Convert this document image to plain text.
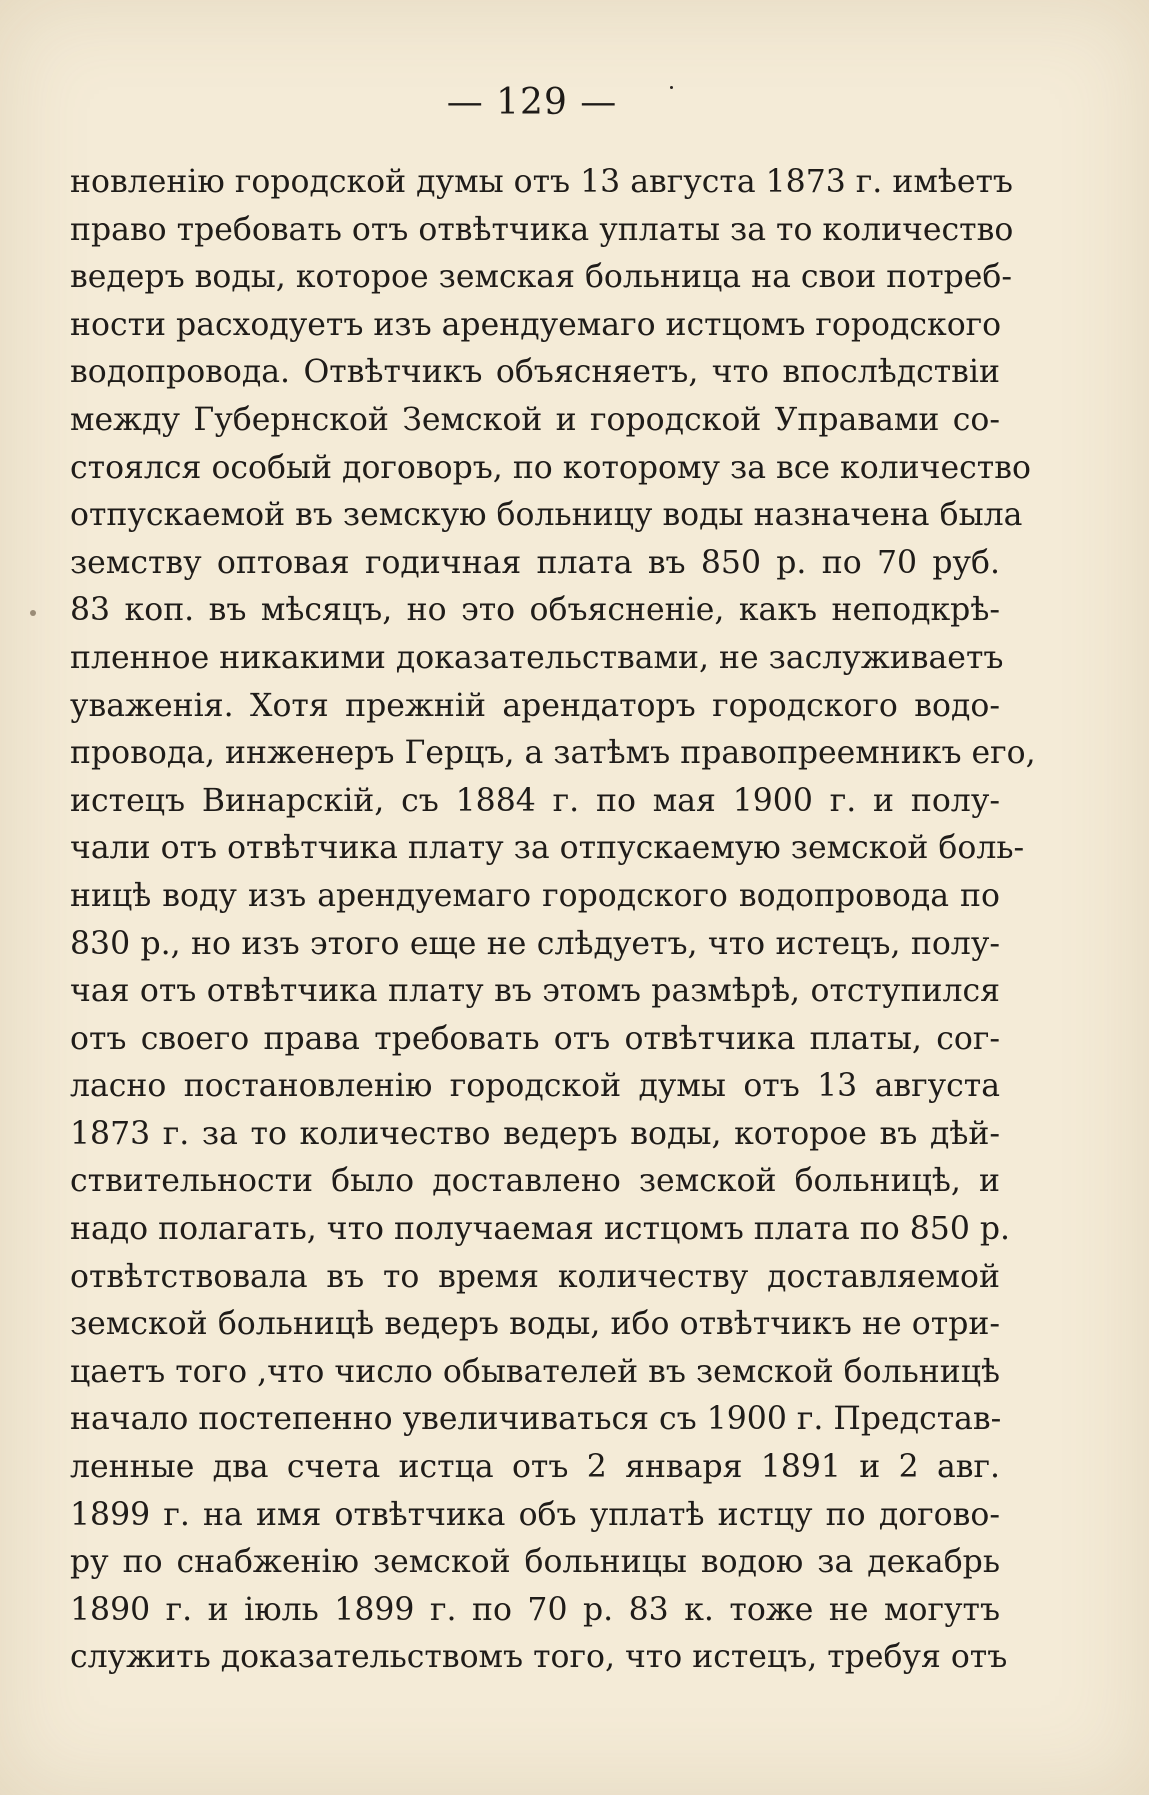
— 129 —

новленію городской думы отъ 13 августа 1873 г. имѣетъ
право требовать отъ отвѣтчика уплаты за то количество
ведеръ воды, которое земская больница на свои потреб-
ности расходуетъ изъ арендуемаго истцомъ городского
водопровода. Отвѣтчикъ объясняетъ, что впослѣдствіи
между Губернской Земской и городской Управами со-
стоялся особый договоръ, по которому за все количество
отпускаемой въ земскую больницу воды назначена была
земству оптовая годичная плата въ 850 р. по 70 руб.
83 коп. въ мѣсяцъ, но это объясненіе, какъ неподкрѣ-
пленное никакими доказательствами, не заслуживаетъ
уваженія. Хотя прежній арендаторъ городского водо-
провода, инженеръ Герцъ, а затѣмъ правопреемникъ его,
истецъ Винарскій, съ 1884 г. по мая 1900 г. и полу-
чали отъ отвѣтчика плату за отпускаемую земской боль-
ницѣ воду изъ арендуемаго городского водопровода по
830 р., но изъ этого еще не слѣдуетъ, что истецъ, полу-
чая отъ отвѣтчика плату въ этомъ размѣрѣ, отступился
отъ своего права требовать отъ отвѣтчика платы, сог-
ласно постановленію городской думы отъ 13 августа
1873 г. за то количество ведеръ воды, которое въ дѣй-
ствительности было доставлено земской больницѣ, и
надо полагать, что получаемая истцомъ плата по 850 р.
отвѣтствовала въ то время количеству доставляемой
земской больницѣ ведеръ воды, ибо отвѣтчикъ не отри-
цаетъ того ,что число обывателей въ земской больницѣ
начало постепенно увеличиваться съ 1900 г. Представ-
ленные два счета истца отъ 2 января 1891 и 2 авг.
1899 г. на имя отвѣтчика объ уплатѣ истцу по догово-
ру по снабженію земской больницы водою за декабрь
1890 г. и іюль 1899 г. по 70 р. 83 к. тоже не могутъ
служить доказательствомъ того, что истецъ, требуя отъ
